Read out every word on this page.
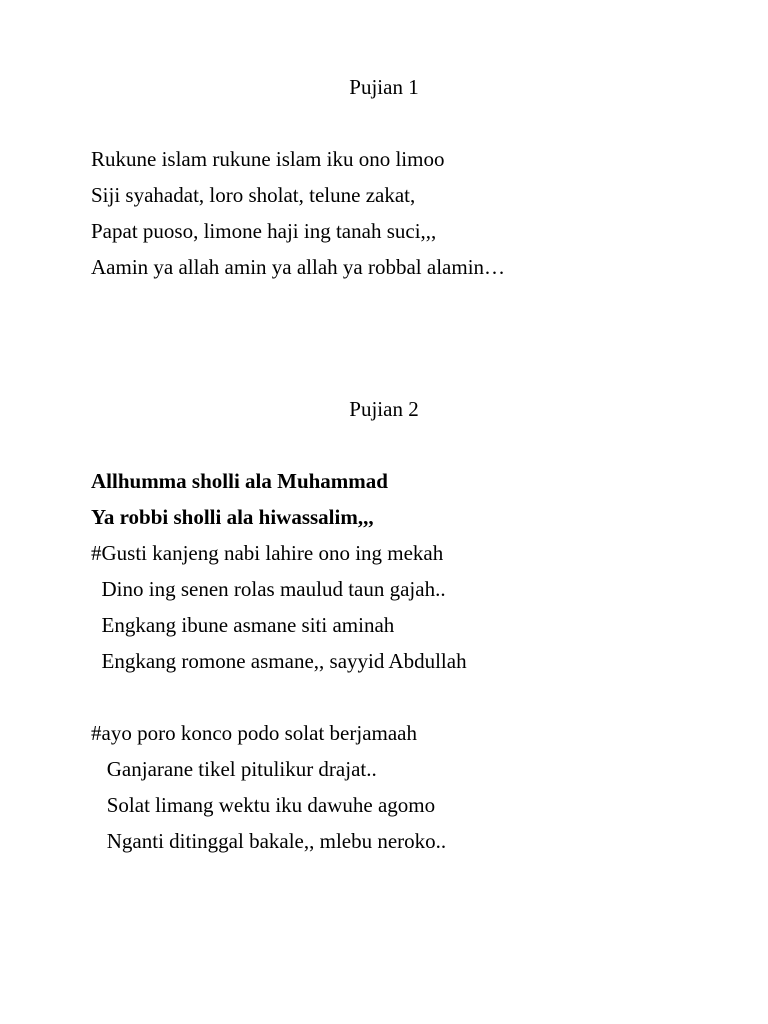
Pujian 1
Rukune islam rukune islam iku ono limoo
Siji syahadat, loro sholat, telune zakat,
Papat puoso, limone haji ing tanah suci,,,
Aamin ya allah amin ya allah ya robbal alamin…
Pujian 2
Allhumma sholli ala Muhammad
Ya robbi sholli ala hiwassalim,,,
#Gusti kanjeng nabi lahire ono ing mekah
Dino ing senen rolas maulud taun gajah..
Engkang ibune asmane siti aminah
Engkang romone asmane,, sayyid Abdullah
#ayo poro konco podo solat berjamaah
Ganjarane tikel pitulikur drajat..
Solat limang wektu iku dawuhe agomo
Nganti ditinggal bakale,, mlebu neroko..
